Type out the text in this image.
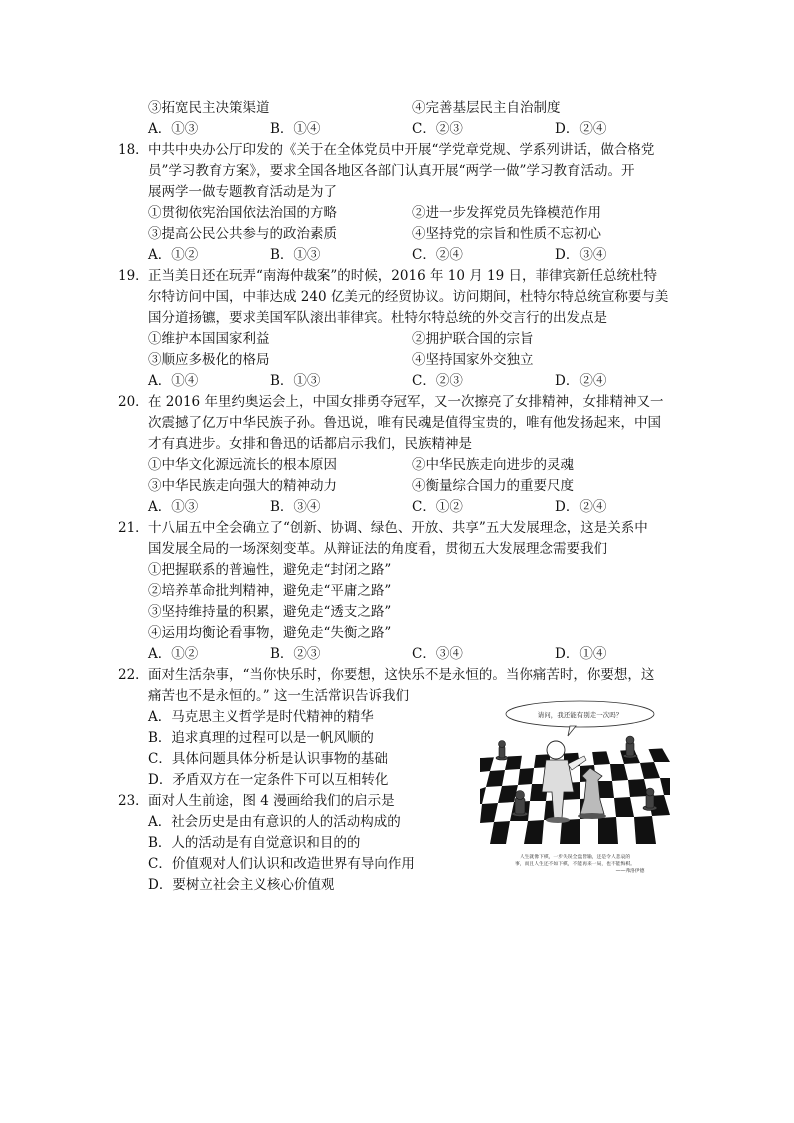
③拓宽民主决策渠道	④完善基层民主自治制度
A．①③	B．①④	C．②③	D．②④
18． 中共中央办公厅印发的《关于在全体党员中开展“学党章党规、学系列讲话，做合格党
员”学习教育方案》，要求全国各地区各部门认真开展“两学一做”学习教育活动。开
展两学一做专题教育活动是为了
①贯彻依宪治国依法治国的方略	②进一步发挥党员先锋模范作用
③提高公民公共参与的政治素质	④坚持党的宗旨和性质不忘初心
A．①②	B．①③	C．②④	D．③④
19． 正当美日还在玩弄“南海仲裁案”的时候，2016 年 10 月 19 日，菲律宾新任总统杜特
尔特访问中国，中菲达成 240 亿美元的经贸协议。访问期间，杜特尔特总统宣称要与美
国分道扬镳，要求美国军队滚出菲律宾。杜特尔特总统的外交言行的出发点是
①维护本国国家利益	②拥护联合国的宗旨
③顺应多极化的格局	④坚持国家外交独立
A．①④	B．①③	C．②③	D．②④
20． 在 2016 年里约奥运会上，中国女排勇夺冠军，又一次擦亮了女排精神，女排精神又一
次震撼了亿万中华民族子孙。鲁迅说，唯有民魂是值得宝贵的，唯有他发扬起来，中国
才有真进步。女排和鲁迅的话都启示我们，民族精神是
①中华文化源远流长的根本原因	②中华民族走向进步的灵魂
③中华民族走向强大的精神动力	④衡量综合国力的重要尺度
A．①③	B．③④	C．①②	D．②④
21． 十八届五中全会确立了“创新、协调、绿色、开放、共享”五大发展理念，这是关系中
国发展全局的一场深刻变革。从辩证法的角度看，贯彻五大发展理念需要我们
①把握联系的普遍性，避免走“封闭之路”
②培养革命批判精神，避免走“平庸之路”
③坚持维持量的积累，避免走“透支之路”
④运用均衡论看事物，避免走“失衡之路”
A．①②	B．②③	C．③④	D．①④
22． 面对生活杂事，“当你快乐时，你要想，这快乐不是永恒的。当你痛苦时，你要想，这
痛苦也不是永恒的。” 这一生活常识告诉我们
A．马克思主义哲学是时代精神的精华
B．追求真理的过程可以是一帆风顺的
C．具体问题具体分析是认识事物的基础
D．矛盾双方在一定条件下可以互相转化
23． 面对人生前途，图 4 漫画给我们的启示是
A．社会历史是由有意识的人的活动构成的
B．人的活动是有自觉意识和目的的
C．价值观对人们认识和改造世界有导向作用
D．要树立社会主义核心价值观
请问，我还能有别走一次吗？
人生就像下棋，一步失误全盘皆输，还是令人悲哀的
事，而且人生还不如下棋，不能再来一局，也不能悔棋。
——弗洛伊德
